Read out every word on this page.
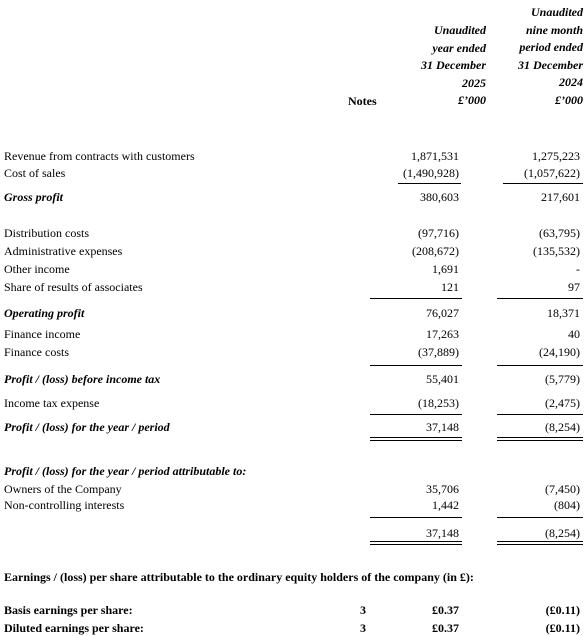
Unaudited
year ended
31 December
2025
£’000
Unaudited
nine month
period ended
31 December
2024
£’000
Notes
Revenue from contracts with customers	1,871,531	1,275,223
Cost of sales	(1,490,928)	(1,057,622)
Gross profit	380,603	217,601
Distribution costs	(97,716)	(63,795)
Administrative expenses	(208,672)	(135,532)
Other income	1,691	-
Share of results of associates	121	97
Operating profit	76,027	18,371
Finance income	17,263	40
Finance costs	(37,889)	(24,190)
Profit / (loss) before income tax	55,401	(5,779)
Income tax expense	(18,253)	(2,475)
Profit / (loss) for the year / period	37,148	(8,254)
Profit / (loss) for the year / period attributable to:
Owners of the Company	35,706	(7,450)
Non-controlling interests	1,442	(804)
37,148	(8,254)
Earnings / (loss) per share attributable to the ordinary equity holders of the company (in £):
Basis earnings per share:	3	£0.37	(£0.11)
Diluted earnings per share:	3	£0.37	(£0.11)
